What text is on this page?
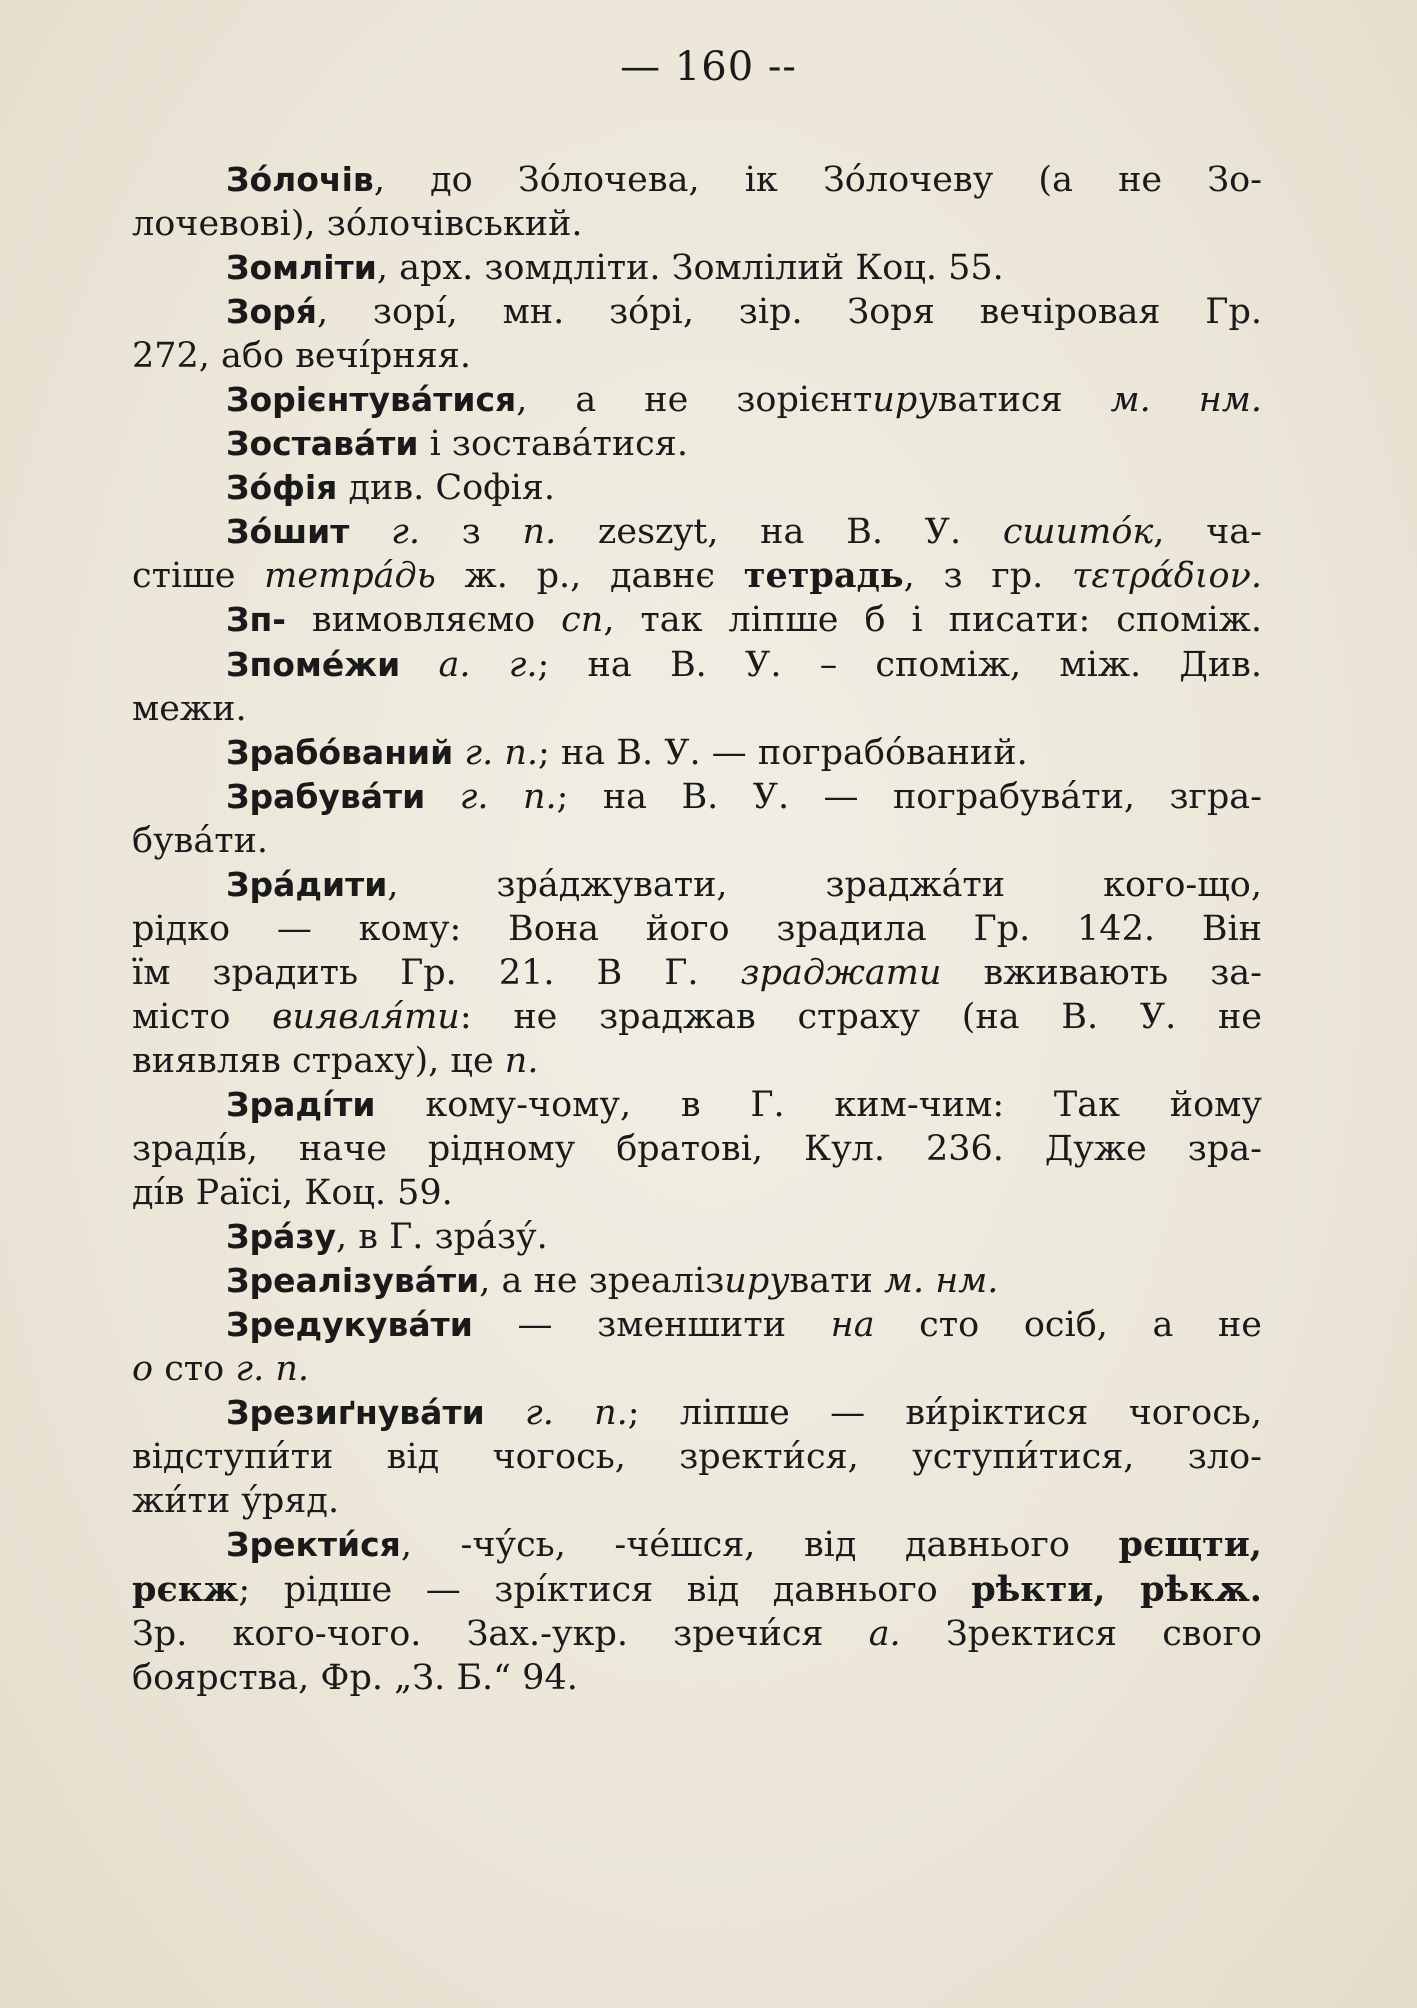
— 160 --
Зо́лочів, до Зо́лочева, ік Зо́лочеву (а не Зо-
лочевові), зо́лочівський.
Зомліти, арх. зомдліти. Зомлілий Коц. 55.
Зоря́, зорі́, мн. зо́рі, зір. Зоря вечіровая Гр.
272, або вечі́рняя.
Зорієнтува́тися, а не зорієнтируватися м. нм.
Зостава́ти і зостава́тися.
Зо́фія див. Софія.
Зо́шит г. з п. zeszyt, на В. У. сшито́к, ча-
стіше тетра́дь ж. р., давнє тетрадь, з гр. τετράδιον.
Зп- вимовляємо сп, так ліпше б і писати: споміж.
Зпоме́жи а. г.; на В. У. – споміж, між. Див.
межи.
Зрабо́ваний г. п.; на В. У. — пограбо́ваний.
Зрабува́ти г. п.; на В. У. — пограбува́ти, згра-
бува́ти.
Зра́дити, зра́джувати, зраджа́ти кого-що,
рідко — кому: Вона його зрадила Гр. 142. Він
їм зрадить Гр. 21. В Г. зраджати вживають за-
місто виявля́ти: не зраджав страху (на В. У. не
виявляв страху), це п.
Зраді́ти кому-чому, в Г. ким-чим: Так йому
зраді́в, наче рідному братові, Кул. 236. Дуже зра-
ді́в Раїсі, Коц. 59.
Зра́зу, в Г. зра́зу́.
Зреалізува́ти, а не зреалізирувати м. нм.
Зредукува́ти — зменшити на сто осіб, а не
о сто г. п.
Зрезиґнува́ти г. п.; ліпше — ви́ріктися чогось,
відступи́ти від чогось, зректи́ся, уступи́тися, зло-
жи́ти у́ряд.
Зректи́ся, -чу́сь, -че́шся, від давнього рєщти,
рєкж; рідше — зрі́ктися від давнього рѣкти, рѣкѫ.
Зр. кого-чого. Зах.-укр. зречи́ся а. Зректися свого
боярства, Фр. „З. Б.“ 94.
